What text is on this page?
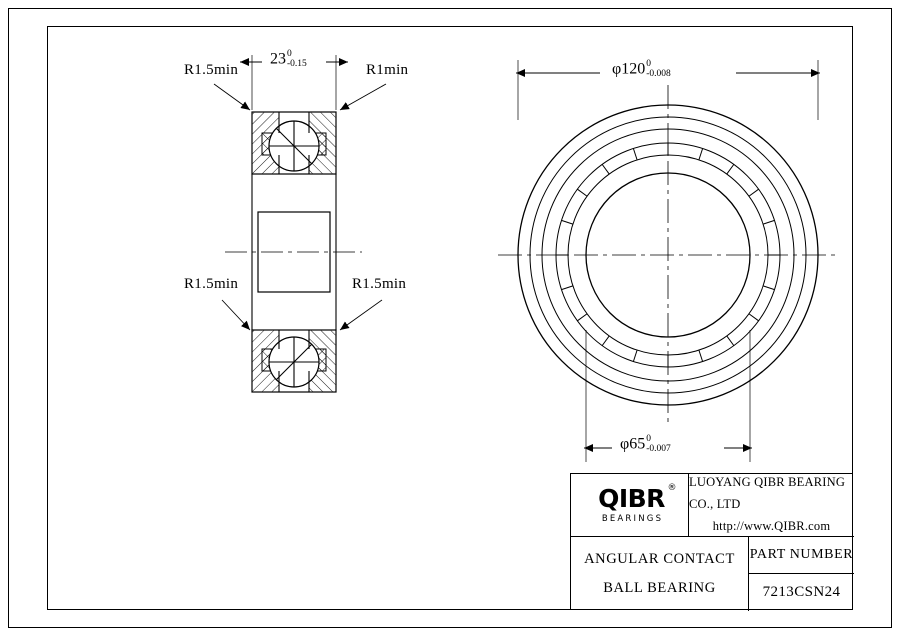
R1.5min	R1min
R1.5min	R1.5min
23 0
-0.15	φ120 0
-0.008
φ65 0
-0.007
QIBR ®
BEARINGS
LUOYANG QIBR BEARING CO., LTD
http://www.QIBR.com
ANGULAR CONTACT
BALL BEARING
PART NUMBER
7213CSN24
